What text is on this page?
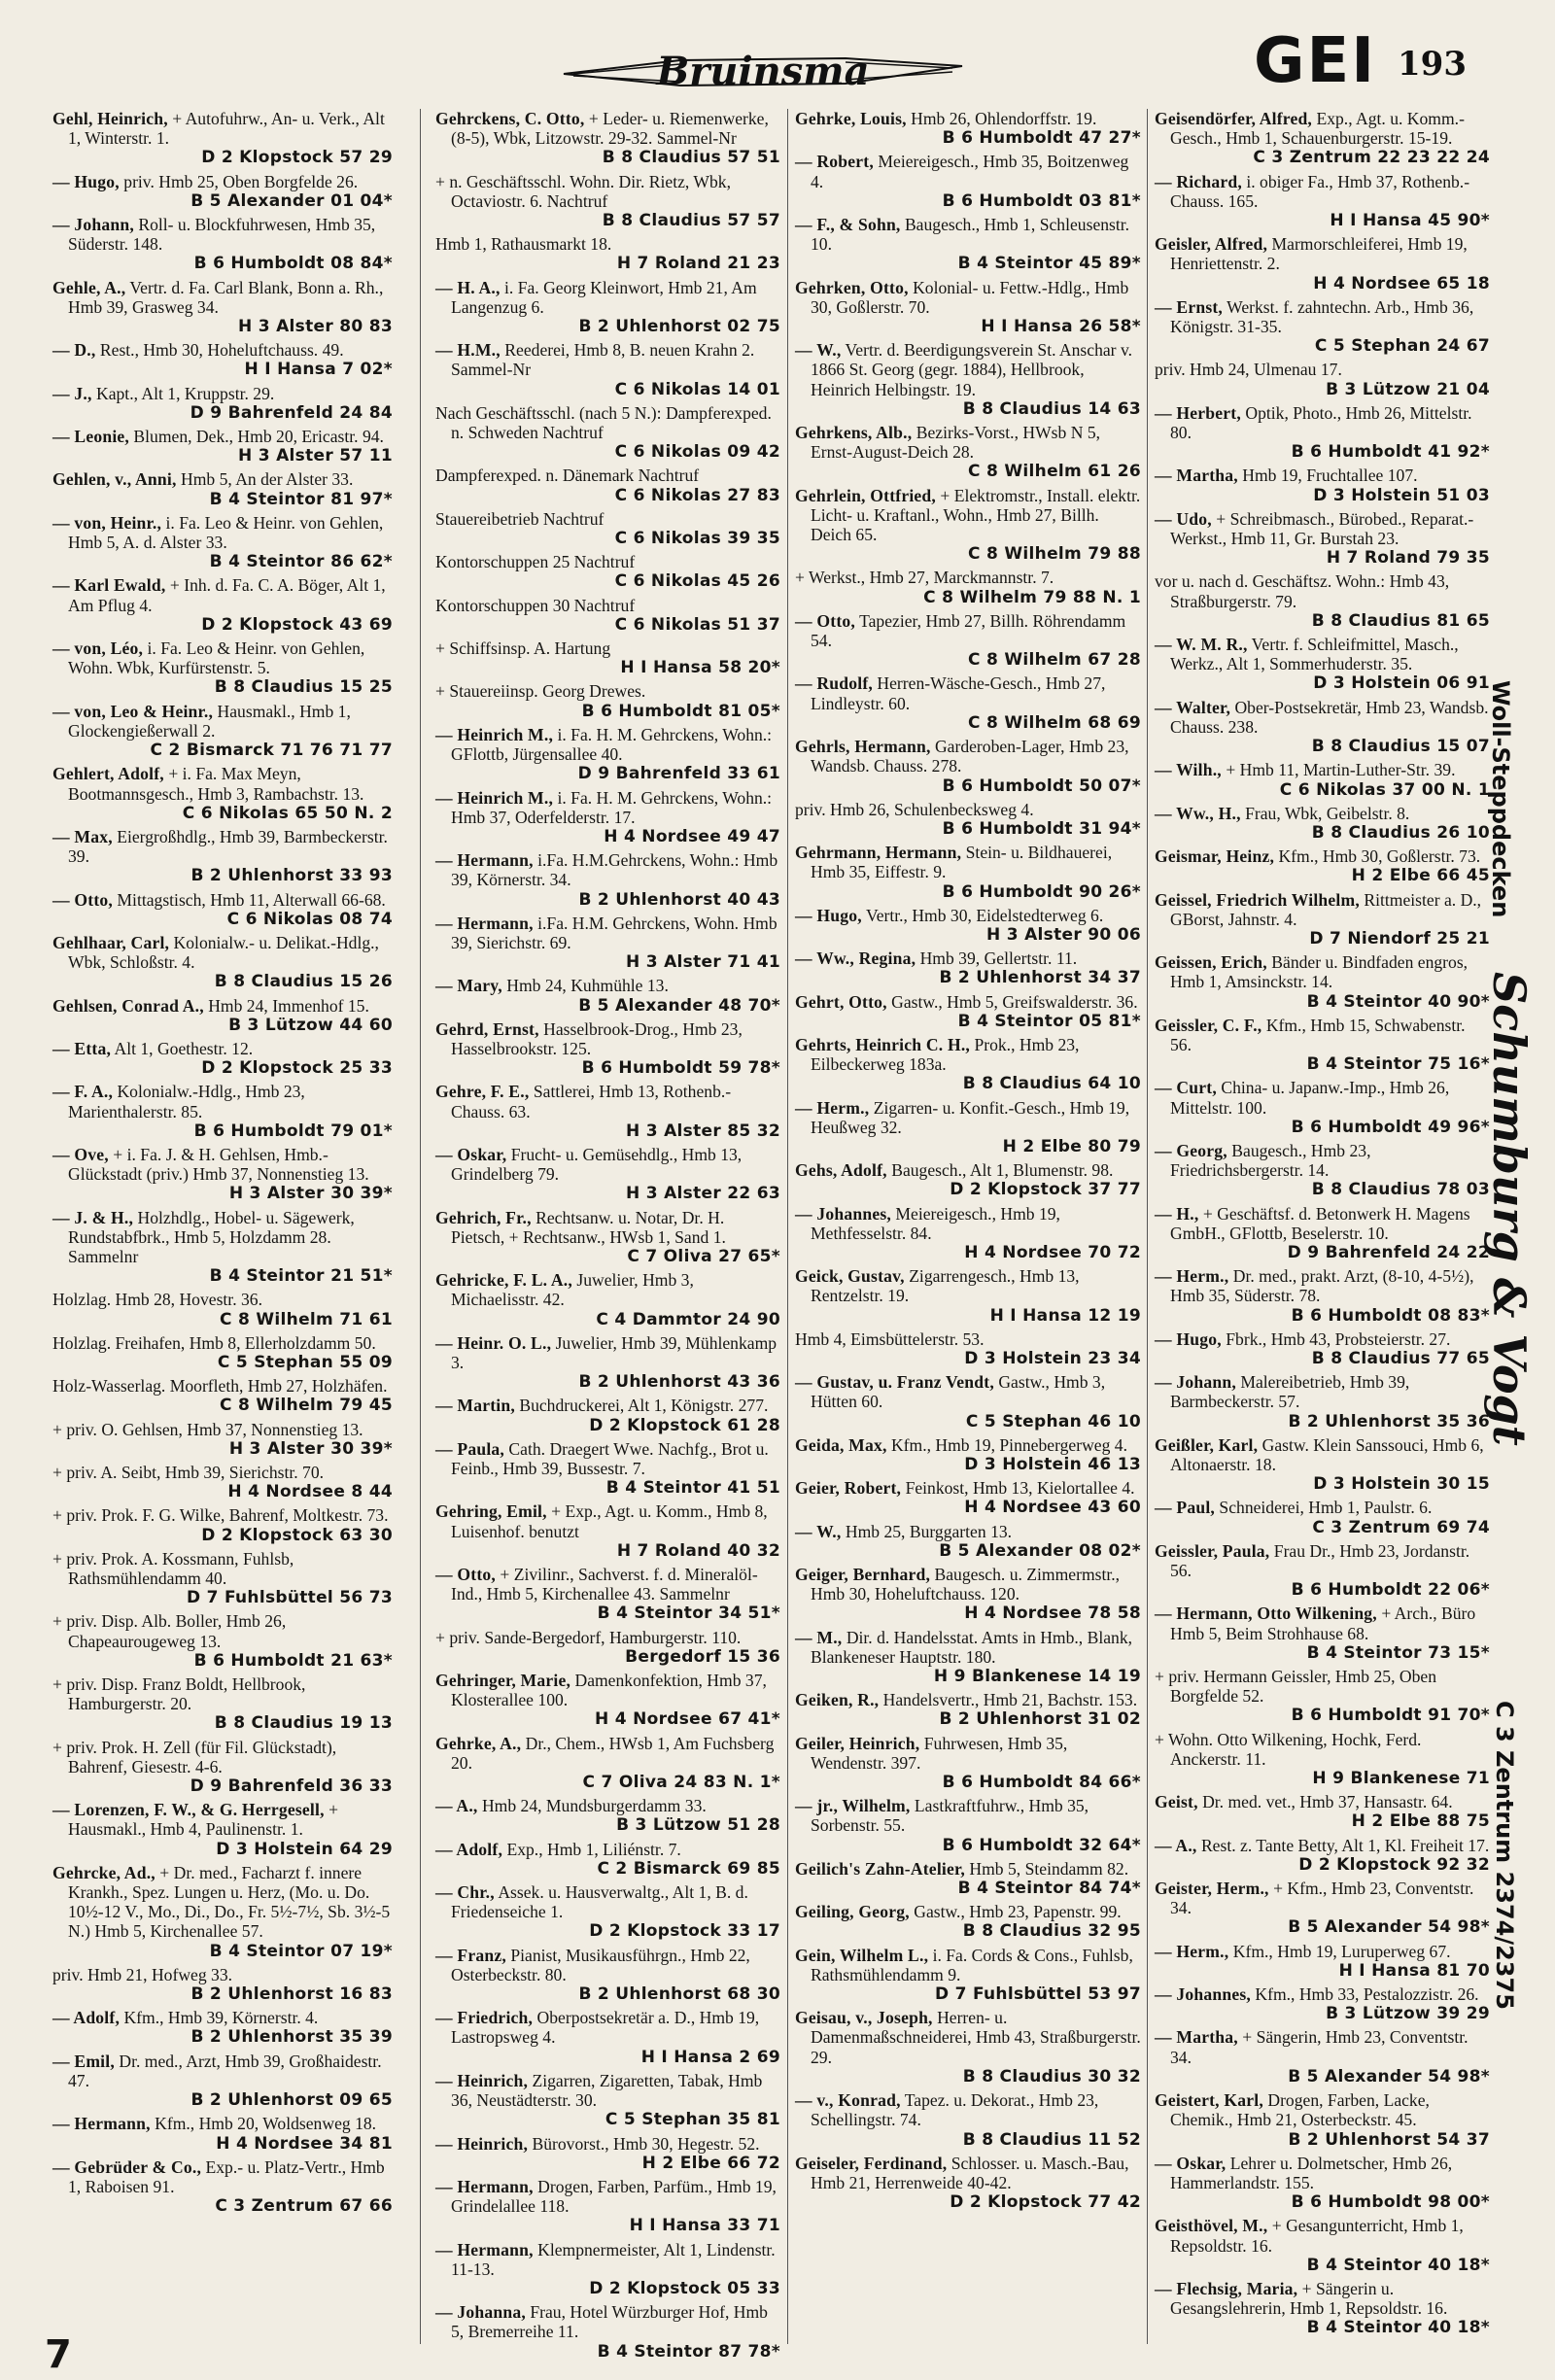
Bruinsma	GEI 193
Gehl, Heinrich, + Autofuhrw., An- u. Verk., Alt 1, Winterstr. 1.
D 2 Klopstock 57 29
— Hugo, priv. Hmb 25, Oben Borgfelde 26.
B 5 Alexander 01 04*
— Johann, Roll- u. Blockfuhrwesen, Hmb 35, Süderstr. 148.
B 6 Humboldt 08 84*
Gehle, A., Vertr. d. Fa. Carl Blank, Bonn a. Rh., Hmb 39, Grasweg 34.
H 3 Alster 80 83
— D., Rest., Hmb 30, Hoheluftchauss. 49.
H I Hansa 7 02*
— J., Kapt., Alt 1, Kruppstr. 29.
D 9 Bahrenfeld 24 84
— Leonie, Blumen, Dek., Hmb 20, Ericastr. 94.
H 3 Alster 57 11
Gehlen, v., Anni, Hmb 5, An der Alster 33.
B 4 Steintor 81 97*
— von, Heinr., i. Fa. Leo & Heinr. von Gehlen, Hmb 5, A. d. Alster 33.
B 4 Steintor 86 62*
— Karl Ewald, + Inh. d. Fa. C. A. Böger, Alt 1, Am Pflug 4.
D 2 Klopstock 43 69
— von, Léo, i. Fa. Leo & Heinr. von Gehlen, Wohn. Wbk, Kurfürstenstr. 5.
B 8 Claudius 15 25
— von, Leo & Heinr., Hausmakl., Hmb 1, Glockengießerwall 2.
C 2 Bismarck 71 76 71 77
Gehlert, Adolf, + i. Fa. Max Meyn, Bootmannsgesch., Hmb 3, Rambachstr. 13.
C 6 Nikolas 65 50 N. 2
— Max, Eiergroßhdlg., Hmb 39, Barmbeckerstr. 39.
B 2 Uhlenhorst 33 93
— Otto, Mittagstisch, Hmb 11, Alterwall 66-68.
C 6 Nikolas 08 74
Gehlhaar, Carl, Kolonialw.- u. Delikat.-Hdlg., Wbk, Schloßstr. 4.
B 8 Claudius 15 26
Gehlsen, Conrad A., Hmb 24, Immenhof 15.
B 3 Lützow 44 60
— Etta, Alt 1, Goethestr. 12.
D 2 Klopstock 25 33
— F. A., Kolonialw.-Hdlg., Hmb 23, Marienthalerstr. 85.
B 6 Humboldt 79 01*
— Ove, + i. Fa. J. & H. Gehlsen, Hmb.-Glückstadt (priv.) Hmb 37, Nonnenstieg 13.
H 3 Alster 30 39*
— J. & H., Holzhdlg., Hobel- u. Sägewerk, Rundstabfbrk., Hmb 5, Holzdamm 28. Sammelnr
B 4 Steintor 21 51*
Holzlag. Hmb 28, Hovestr. 36.
C 8 Wilhelm 71 61
Holzlag. Freihafen, Hmb 8, Ellerholzdamm 50.
C 5 Stephan 55 09
Holz-Wasserlag. Moorfleth, Hmb 27, Holzhäfen.
C 8 Wilhelm 79 45
+ priv. O. Gehlsen, Hmb 37, Nonnenstieg 13.
H 3 Alster 30 39*
+ priv. A. Seibt, Hmb 39, Sierichstr. 70.
H 4 Nordsee 8 44
+ priv. Prok. F. G. Wilke, Bahrenf, Moltkestr. 73.
D 2 Klopstock 63 30
+ priv. Prok. A. Kossmann, Fuhlsb, Rathsmühlendamm 40.
D 7 Fuhlsbüttel 56 73
+ priv. Disp. Alb. Boller, Hmb 26, Chapeaurougeweg 13.
B 6 Humboldt 21 63*
+ priv. Disp. Franz Boldt, Hellbrook, Hamburgerstr. 20.
B 8 Claudius 19 13
+ priv. Prok. H. Zell (für Fil. Glückstadt), Bahrenf, Giesestr. 4-6.
D 9 Bahrenfeld 36 33
— Lorenzen, F. W., & G. Herrgesell, + Hausmakl., Hmb 4, Paulinenstr. 1.
D 3 Holstein 64 29
Gehrcke, Ad., + Dr. med., Facharzt f. innere Krankh., Spez. Lungen u. Herz, (Mo. u. Do. 10½-12 V., Mo., Di., Do., Fr. 5½-7½, Sb. 3½-5 N.) Hmb 5, Kirchenallee 57.
B 4 Steintor 07 19*
priv. Hmb 21, Hofweg 33.
B 2 Uhlenhorst 16 83
— Adolf, Kfm., Hmb 39, Körnerstr. 4.
B 2 Uhlenhorst 35 39
— Emil, Dr. med., Arzt, Hmb 39, Großhaidestr. 47.
B 2 Uhlenhorst 09 65
— Hermann, Kfm., Hmb 20, Woldsenweg 18.
H 4 Nordsee 34 81
— Gebrüder & Co., Exp.- u. Platz-Vertr., Hmb 1, Raboisen 91.
C 3 Zentrum 67 66
Gehrckens, C. Otto, + Leder- u. Riemenwerke, (8-5), Wbk, Litzowstr. 29-32. Sammel-Nr
B 8 Claudius 57 51
+ n. Geschäftsschl. Wohn. Dir. Rietz, Wbk, Octaviostr. 6. Nachtruf
B 8 Claudius 57 57
Hmb 1, Rathausmarkt 18.
H 7 Roland 21 23
— H. A., i. Fa. Georg Kleinwort, Hmb 21, Am Langenzug 6.
B 2 Uhlenhorst 02 75
— H.M., Reederei, Hmb 8, B. neuen Krahn 2. Sammel-Nr
C 6 Nikolas 14 01
Nach Geschäftsschl. (nach 5 N.): Dampferexped. n. Schweden Nachtruf
C 6 Nikolas 09 42
Dampferexped. n. Dänemark Nachtruf
C 6 Nikolas 27 83
Stauereibetrieb Nachtruf
C 6 Nikolas 39 35
Kontorschuppen 25 Nachtruf
C 6 Nikolas 45 26
Kontorschuppen 30 Nachtruf
C 6 Nikolas 51 37
+ Schiffsinsp. A. Hartung
H I Hansa 58 20*
+ Stauereiinsp. Georg Drewes.
B 6 Humboldt 81 05*
— Heinrich M., i. Fa. H. M. Gehrckens, Wohn.: GFlottb, Jürgensallee 40.
D 9 Bahrenfeld 33 61
— Heinrich M., i. Fa. H. M. Gehrckens, Wohn.: Hmb 37, Oderfelderstr. 17.
H 4 Nordsee 49 47
— Hermann, i.Fa. H.M.Gehrckens, Wohn.: Hmb 39, Körnerstr. 34.
B 2 Uhlenhorst 40 43
— Hermann, i.Fa. H.M. Gehrckens, Wohn. Hmb 39, Sierichstr. 69.
H 3 Alster 71 41
— Mary, Hmb 24, Kuhmühle 13.
B 5 Alexander 48 70*
Gehrd, Ernst, Hasselbrook-Drog., Hmb 23, Hasselbrookstr. 125.
B 6 Humboldt 59 78*
Gehre, F. E., Sattlerei, Hmb 13, Rothenb.-Chauss. 63.
H 3 Alster 85 32
— Oskar, Frucht- u. Gemüsehdlg., Hmb 13, Grindelberg 79.
H 3 Alster 22 63
Gehrich, Fr., Rechtsanw. u. Notar, Dr. H. Pietsch, + Rechtsanw., HWsb 1, Sand 1.
C 7 Oliva 27 65*
Gehricke, F. L. A., Juwelier, Hmb 3, Michaelisstr. 42.
C 4 Dammtor 24 90
— Heinr. O. L., Juwelier, Hmb 39, Mühlenkamp 3.
B 2 Uhlenhorst 43 36
— Martin, Buchdruckerei, Alt 1, Königstr. 277.
D 2 Klopstock 61 28
— Paula, Cath. Draegert Wwe. Nachfg., Brot u. Feinb., Hmb 39, Bussestr. 7.
B 4 Steintor 41 51
Gehring, Emil, + Exp., Agt. u. Komm., Hmb 8, Luisenhof. benutzt
H 7 Roland 40 32
— Otto, + Zivilinг., Sachverst. f. d. Mineralöl-Ind., Hmb 5, Kirchenallee 43. Sammelnr
B 4 Steintor 34 51*
+ priv. Sande-Bergedorf, Hamburgerstr. 110.
Bergedorf 15 36
Gehringer, Marie, Damenkonfektion, Hmb 37, Klosterallee 100.
H 4 Nordsee 67 41*
Gehrke, A., Dr., Chem., HWsb 1, Am Fuchsberg 20.
C 7 Oliva 24 83 N. 1*
— A., Hmb 24, Mundsburgerdamm 33.
B 3 Lützow 51 28
— Adolf, Exp., Hmb 1, Liliénstr. 7.
C 2 Bismarck 69 85
— Chr., Assek. u. Hausverwaltg., Alt 1, B. d. Friedenseiche 1.
D 2 Klopstock 33 17
— Franz, Pianist, Musikausführgn., Hmb 22, Osterbeckstr. 80.
B 2 Uhlenhorst 68 30
— Friedrich, Oberpostsekretär a. D., Hmb 19, Lastropsweg 4.
H I Hansa 2 69
— Heinrich, Zigarren, Zigaretten, Tabak, Hmb 36, Neustädterstr. 30.
C 5 Stephan 35 81
— Heinrich, Bürovorst., Hmb 30, Hegestr. 52.
H 2 Elbe 66 72
— Hermann, Drogen, Farben, Parfüm., Hmb 19, Grindelallee 118.
H I Hansa 33 71
— Hermann, Klempnermeister, Alt 1, Lindenstr. 11-13.
D 2 Klopstock 05 33
— Johanna, Frau, Hotel Würzburger Hof, Hmb 5, Bremerreihe 11.
B 4 Steintor 87 78*
Gehrke, Louis, Hmb 26, Ohlendorffstr. 19.
B 6 Humboldt 47 27*
— Robert, Meiereigesch., Hmb 35, Boitzenweg 4.
B 6 Humboldt 03 81*
— F., & Sohn, Baugesch., Hmb 1, Schleusenstr. 10.
B 4 Steintor 45 89*
Gehrken, Otto, Kolonial- u. Fettw.-Hdlg., Hmb 30, Goßlerstr. 70.
H I Hansa 26 58*
— W., Vertr. d. Beerdigungsverein St. Anschar v. 1866 St. Georg (gegr. 1884), Hellbrook, Heinrich Helbingstr. 19.
B 8 Claudius 14 63
Gehrkens, Alb., Bezirks-Vorst., HWsb N 5, Ernst-August-Deich 28.
C 8 Wilhelm 61 26
Gehrlein, Ottfried, + Elektromstr., Install. elektr. Licht- u. Kraftanl., Wohn., Hmb 27, Billh. Deich 65.
C 8 Wilhelm 79 88
+ Werkst., Hmb 27, Marckmannstr. 7.
C 8 Wilhelm 79 88 N. 1
— Otto, Tapezier, Hmb 27, Billh. Röhrendamm 54.
C 8 Wilhelm 67 28
— Rudolf, Herren-Wäsche-Gesch., Hmb 27, Lindleystr. 60.
C 8 Wilhelm 68 69
Gehrls, Hermann, Garderoben-Lager, Hmb 23, Wandsb. Chauss. 278.
B 6 Humboldt 50 07*
priv. Hmb 26, Schulenbecksweg 4.
B 6 Humboldt 31 94*
Gehrmann, Hermann, Stein- u. Bildhauerei, Hmb 35, Eiffestr. 9.
B 6 Humboldt 90 26*
— Hugo, Vertr., Hmb 30, Eidelstedterweg 6.
H 3 Alster 90 06
— Ww., Regina, Hmb 39, Gellertstr. 11.
B 2 Uhlenhorst 34 37
Gehrt, Otto, Gastw., Hmb 5, Greifswalderstr. 36.
B 4 Steintor 05 81*
Gehrts, Heinrich C. H., Prok., Hmb 23, Eilbeckerweg 183a.
B 8 Claudius 64 10
— Herm., Zigarren- u. Konfit.-Gesch., Hmb 19, Heußweg 32.
H 2 Elbe 80 79
Gehs, Adolf, Baugesch., Alt 1, Blumenstr. 98.
D 2 Klopstock 37 77
— Johannes, Meiereigesch., Hmb 19, Methfesselstr. 84.
H 4 Nordsee 70 72
Geick, Gustav, Zigarrengesch., Hmb 13, Rentzelstr. 19.
H I Hansa 12 19
Hmb 4, Eimsbüttelerstr. 53.
D 3 Holstein 23 34
— Gustav, u. Franz Vendt, Gastw., Hmb 3, Hütten 60.
C 5 Stephan 46 10
Geida, Max, Kfm., Hmb 19, Pinnebergerweg 4.
D 3 Holstein 46 13
Geier, Robert, Feinkost, Hmb 13, Kielortallee 4.
H 4 Nordsee 43 60
— W., Hmb 25, Burggarten 13.
B 5 Alexander 08 02*
Geiger, Bernhard, Baugesch. u. Zimmermstr., Hmb 30, Hoheluftchauss. 120.
H 4 Nordsee 78 58
— M., Dir. d. Handelsstat. Amts in Hmb., Blank, Blankeneser Hauptstr. 180.
H 9 Blankenese 14 19
Geiken, R., Handelsvertr., Hmb 21, Bachstr. 153.
B 2 Uhlenhorst 31 02
Geiler, Heinrich, Fuhrwesen, Hmb 35, Wendenstr. 397.
B 6 Humboldt 84 66*
— jr., Wilhelm, Lastkraftfuhrw., Hmb 35, Sorbenstr. 55.
B 6 Humboldt 32 64*
Geilich's Zahn-Atelier, Hmb 5, Steindamm 82.
B 4 Steintor 84 74*
Geiling, Georg, Gastw., Hmb 23, Papenstr. 99.
B 8 Claudius 32 95
Gein, Wilhelm L., i. Fa. Cords & Cons., Fuhlsb, Rathsmühlendamm 9.
D 7 Fuhlsbüttel 53 97
Geisau, v., Joseph, Herren- u. Damenmaßschneiderei, Hmb 43, Straßburgerstr. 29.
B 8 Claudius 30 32
— v., Konrad, Tapez. u. Dekorat., Hmb 23, Schellingstr. 74.
B 8 Claudius 11 52
Geiseler, Ferdinand, Schlosser. u. Masch.-Bau, Hmb 21, Herrenweide 40-42.
D 2 Klopstock 77 42
Geisendörfer, Alfred, Exp., Agt. u. Komm.-Gesch., Hmb 1, Schauenburgerstr. 15-19.
C 3 Zentrum 22 23 22 24
— Richard, i. obiger Fa., Hmb 37, Rothenb.-Chauss. 165.
H I Hansa 45 90*
Geisler, Alfred, Marmorschleiferei, Hmb 19, Henriettenstr. 2.
H 4 Nordsee 65 18
— Ernst, Werkst. f. zahntechn. Arb., Hmb 36, Königstr. 31-35.
C 5 Stephan 24 67
priv. Hmb 24, Ulmenau 17.
B 3 Lützow 21 04
— Herbert, Optik, Photo., Hmb 26, Mittelstr. 80.
B 6 Humboldt 41 92*
— Martha, Hmb 19, Fruchtallee 107.
D 3 Holstein 51 03
— Udo, + Schreibmasch., Bürobed., Reparat.-Werkst., Hmb 11, Gr. Burstah 23.
H 7 Roland 79 35
vor u. nach d. Geschäftsz. Wohn.: Hmb 43, Straßburgerstr. 79.
B 8 Claudius 81 65
— W. M. R., Vertr. f. Schleifmittel, Masch., Werkz., Alt 1, Sommerhuderstr. 35.
D 3 Holstein 06 91
— Walter, Ober-Postsekretär, Hmb 23, Wandsb. Chauss. 238.
B 8 Claudius 15 07
— Wilh., + Hmb 11, Martin-Luther-Str. 39.
C 6 Nikolas 37 00 N. 1
— Ww., H., Frau, Wbk, Geibelstr. 8.
B 8 Claudius 26 10
Geismar, Heinz, Kfm., Hmb 30, Goßlerstr. 73.
H 2 Elbe 66 45
Geissel, Friedrich Wilhelm, Rittmeister a. D., GBorst, Jahnstr. 4.
D 7 Niendorf 25 21
Geissen, Erich, Bänder u. Bindfaden engros, Hmb 1, Amsinckstr. 14.
B 4 Steintor 40 90*
Geissler, C. F., Kfm., Hmb 15, Schwabenstr. 56.
B 4 Steintor 75 16*
— Curt, China- u. Japanw.-Imp., Hmb 26, Mittelstr. 100.
B 6 Humboldt 49 96*
— Georg, Baugesch., Hmb 23, Friedrichsbergerstr. 14.
B 8 Claudius 78 03
— H., + Geschäftsf. d. Betonwerk H. Magens GmbH., GFlottb, Beselerstr. 10.
D 9 Bahrenfeld 24 22
— Herm., Dr. med., prakt. Arzt, (8-10, 4-5½), Hmb 35, Süderstr. 78.
B 6 Humboldt 08 83*
— Hugo, Fbrk., Hmb 43, Probsteierstr. 27.
B 8 Claudius 77 65
— Johann, Malereibetrieb, Hmb 39, Barmbeckerstr. 57.
B 2 Uhlenhorst 35 36
Geißler, Karl, Gastw. Klein Sanssouci, Hmb 6, Altonaerstr. 18.
D 3 Holstein 30 15
— Paul, Schneiderei, Hmb 1, Paulstr. 6.
C 3 Zentrum 69 74
Geissler, Paula, Frau Dr., Hmb 23, Jordanstr. 56.
B 6 Humboldt 22 06*
— Hermann, Otto Wilkening, + Arch., Büro Hmb 5, Beim Strohhause 68.
B 4 Steintor 73 15*
+ priv. Hermann Geissler, Hmb 25, Oben Borgfelde 52.
B 6 Humboldt 91 70*
+ Wohn. Otto Wilkening, Hochk, Ferd. Anckerstr. 11.
H 9 Blankenese 71
Geist, Dr. med. vet., Hmb 37, Hansastr. 64.
H 2 Elbe 88 75
— A., Rest. z. Tante Betty, Alt 1, Kl. Freiheit 17.
D 2 Klopstock 92 32
Geister, Herm., + Kfm., Hmb 23, Conventstr. 34.
B 5 Alexander 54 98*
— Herm., Kfm., Hmb 19, Luruperweg 67.
H I Hansa 81 70
— Johannes, Kfm., Hmb 33, Pestalozzistr. 26.
B 3 Lützow 39 29
— Martha, + Sängerin, Hmb 23, Conventstr. 34.
B 5 Alexander 54 98*
Geistert, Karl, Drogen, Farben, Lacke, Chemik., Hmb 21, Osterbeckstr. 45.
B 2 Uhlenhorst 54 37
— Oskar, Lehrer u. Dolmetscher, Hmb 26, Hammerlandstr. 155.
B 6 Humboldt 98 00*
Geisthövel, M., + Gesangunterricht, Hmb 1, Repsoldstr. 16.
B 4 Steintor 40 18*
— Flechsig, Maria, + Sängerin u. Gesangslehrerin, Hmb 1, Repsoldstr. 16.
B 4 Steintor 40 18*
Woll-Steppdecken
Schumburg & Vogt
C 3 Zentrum 2374/2375
7
